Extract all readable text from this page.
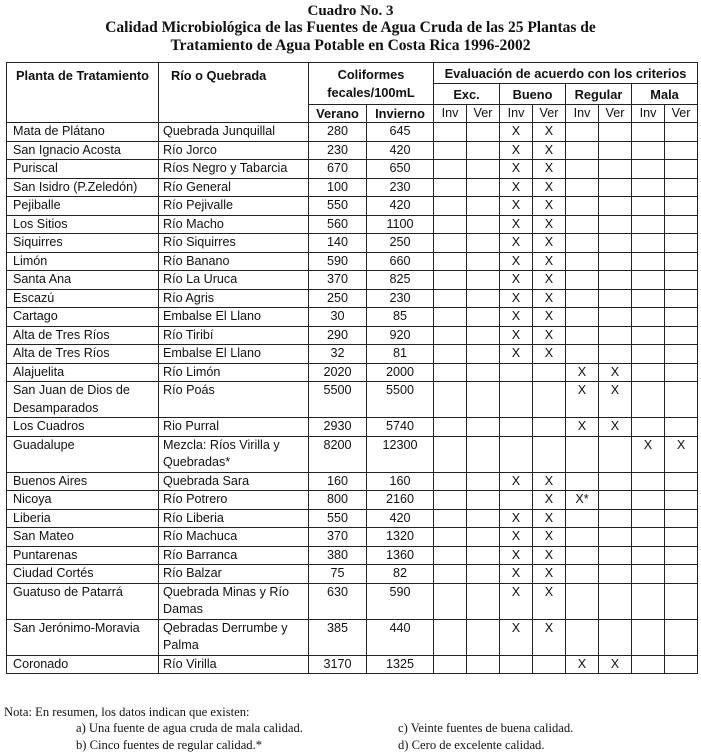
Cuadro No. 3
Calidad Microbiológica de las Fuentes de Agua Cruda de las 25 Plantas de
Tratamiento de Agua Potable en Costa Rica 1996-2002
Planta de Tratamiento	Río o Quebrada	Coliformes fecales/100mL		Evaluación de acuerdo con los criterios							
				Exc.		Bueno		Regular		Mala	
		Verano	Invierno	Inv	Ver	Inv	Ver	Inv	Ver	Inv	Ver
Mata de Plátano	Quebrada Junquillal	280	645			X	X				
San Ignacio Acosta	Río Jorco	230	420			X	X				
Puriscal	Ríos Negro y Tabarcia	670	650			X	X				
San Isidro (P.Zeledón)	Río General	100	230			X	X				
Pejiballe	Río Pejivalle	550	420			X	X				
Los Sitios	Río Macho	560	1100			X	X				
Siquirres	Río Siquirres	140	250			X	X				
Limón	Río Banano	590	660			X	X				
Santa Ana	Río La Uruca	370	825			X	X				
Escazú	Río Agris	250	230			X	X				
Cartago	Embalse El Llano	30	85			X	X				
Alta de Tres Ríos	Río Tiribí	290	920			X	X				
Alta de Tres Ríos	Embalse El Llano	32	81			X	X				
Alajuelita	Río Limón	2020	2000					X	X		
San Juan de Dios de Desamparados	Río Poás	5500	5500					X	X		
Los Cuadros	Rio Purral	2930	5740					X	X		
Guadalupe	Mezcla: Ríos Virilla y Quebradas*	8200	12300							X	X
Buenos Aires	Quebrada Sara	160	160			X	X				
Nicoya	Río Potrero	800	2160				X	X*			
Liberia	Río Liberia	550	420			X	X				
San Mateo	Río Machuca	370	1320			X	X				
Puntarenas	Río Barranca	380	1360			X	X				
Ciudad Cortés	Río Balzar	75	82			X	X				
Guatuso de Patarrá	Quebrada Minas y Río Damas	630	590			X	X				
San Jerónimo-Moravia	Qebradas Derrumbe y Palma	385	440			X	X				
Coronado	Río Virilla	3170	1325					X	X		
Nota: En resumen, los datos indican que existen:
a) Una fuente de agua cruda de mala calidad.
b) Cinco fuentes de regular calidad.*
c) Veinte fuentes de buena calidad.
d) Cero de excelente calidad.
